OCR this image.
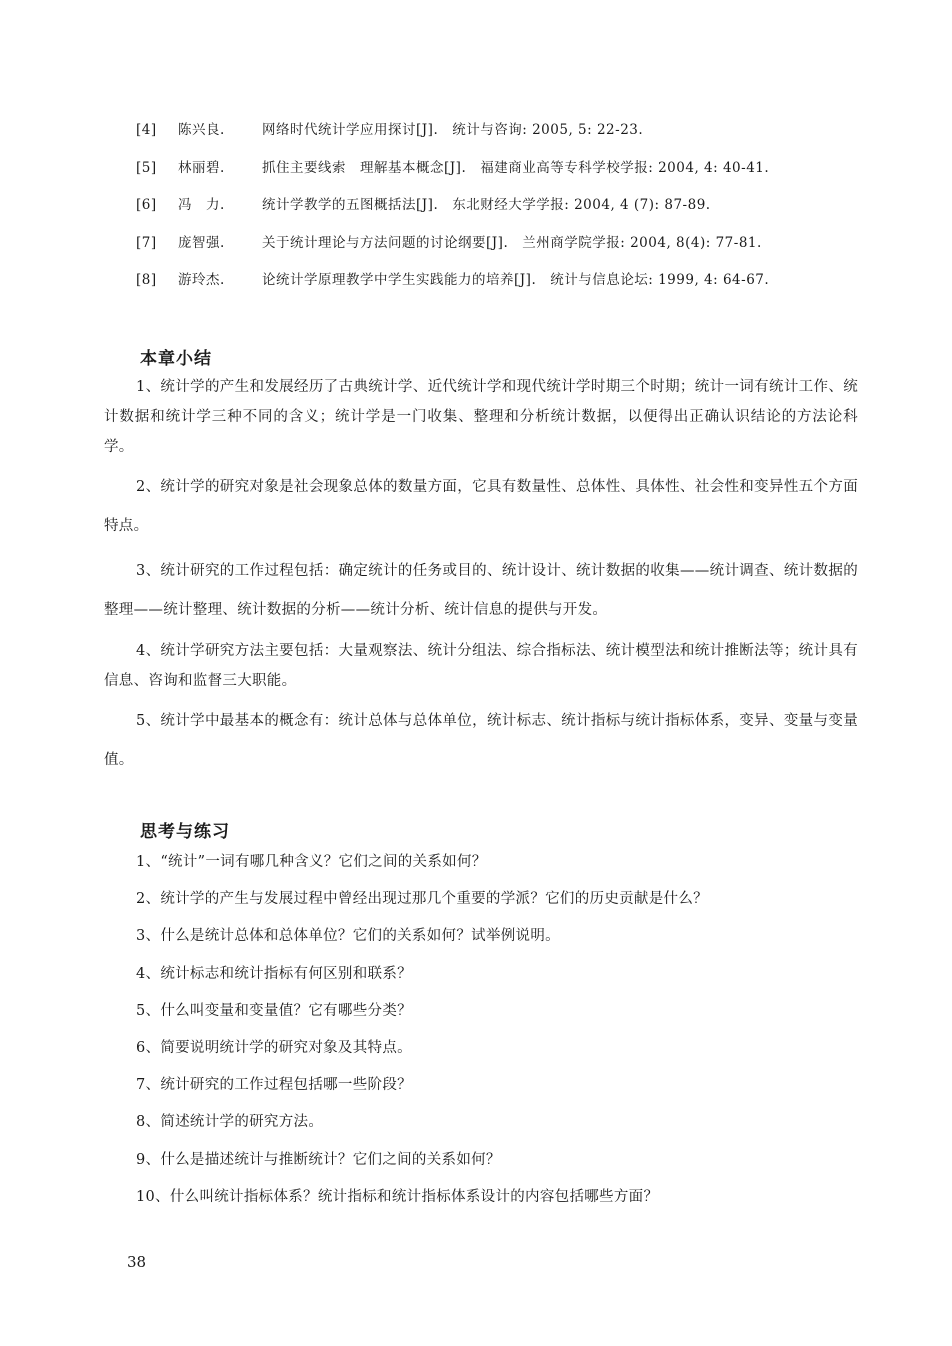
[4]	陈兴良.	网络时代统计学应用探讨[J]. 统计与咨询: 2005, 5: 22-23.
[5]	林丽碧.	抓住主要线索　理解基本概念[J]. 福建商业高等专科学校学报: 2004, 4: 40-41.
[6]	冯　力.	统计学教学的五图概括法[J]. 东北财经大学学报: 2004, 4 (7): 87-89.
[7]	庞智强.	关于统计理论与方法问题的讨论纲要[J]. 兰州商学院学报: 2004, 8(4): 77-81.
[8]	游玲杰.	论统计学原理教学中学生实践能力的培养[J]. 统计与信息论坛: 1999, 4: 64-67.
本章小结

1、统计学的产生和发展经历了古典统计学、近代统计学和现代统计学时期三个时期；统计一词有统计工作、统计数据和统计学三种不同的含义；统计学是一门收集、整理和分析统计数据，以便得出正确认识结论的方法论科学。

2、统计学的研究对象是社会现象总体的数量方面，它具有数量性、总体性、具体性、社会性和变异性五个方面特点。

3、统计研究的工作过程包括：确定统计的任务或目的、统计设计、统计数据的收集——统计调查、统计数据的整理——统计整理、统计数据的分析——统计分析、统计信息的提供与开发。

4、统计学研究方法主要包括：大量观察法、统计分组法、综合指标法、统计模型法和统计推断法等；统计具有信息、咨询和监督三大职能。

5、统计学中最基本的概念有：统计总体与总体单位，统计标志、统计指标与统计指标体系，变异、变量与变量值。

思考与练习
1、“统计”一词有哪几种含义？它们之间的关系如何？
2、统计学的产生与发展过程中曾经出现过那几个重要的学派？它们的历史贡献是什么？
3、什么是统计总体和总体单位？它们的关系如何？试举例说明。
4、统计标志和统计指标有何区别和联系？
5、什么叫变量和变量值？它有哪些分类？
6、简要说明统计学的研究对象及其特点。
7、统计研究的工作过程包括哪一些阶段？
8、简述统计学的研究方法。
9、什么是描述统计与推断统计？它们之间的关系如何？
10、什么叫统计指标体系？统计指标和统计指标体系设计的内容包括哪些方面？
38
